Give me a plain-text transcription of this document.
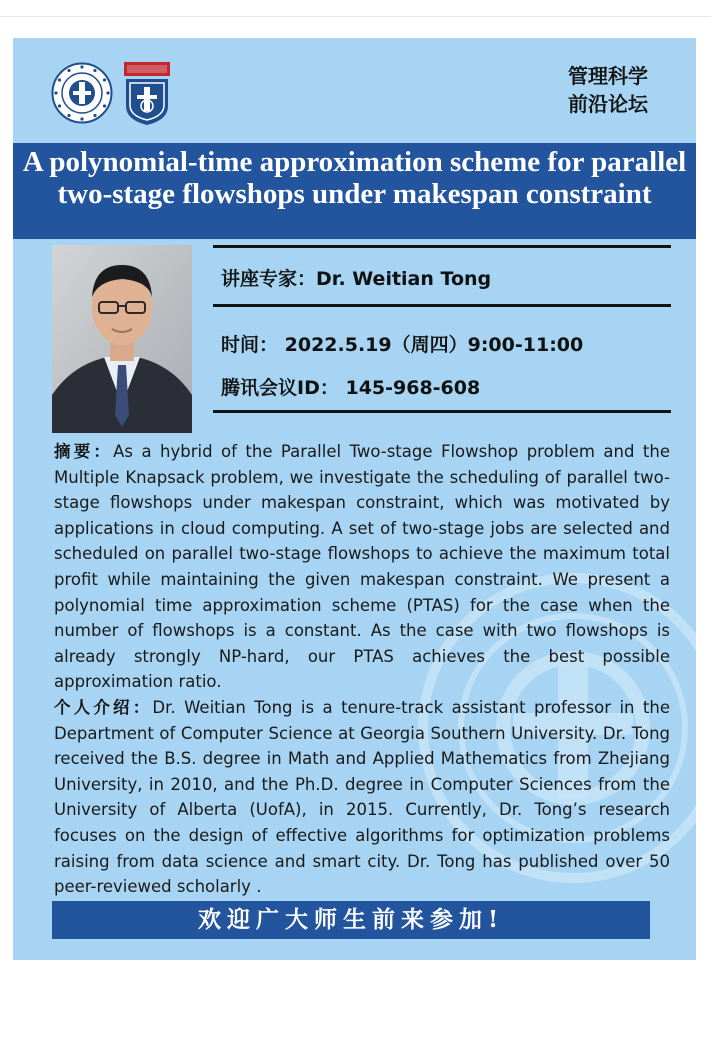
管理科学
前沿论坛
A polynomial-time approximation scheme for parallel two-stage flowshops under makespan constraint
讲座专家：Dr. Weitian Tong
时间： 2022.5.19（周四）9:00-11:00
腾讯会议ID： 145-968-608

摘要：As a hybrid of the Parallel Two-stage Flowshop problem and the Multiple Knapsack problem, we investigate the scheduling of parallel two-stage flowshops under makespan constraint, which was motivated by applications in cloud computing. A set of two-stage jobs are selected and scheduled on parallel two-stage flowshops to achieve the maximum total profit while maintaining the given makespan constraint. We present a polynomial time approximation scheme (PTAS) for the case when the number of flowshops is a constant. As the case with two flowshops is already strongly NP-hard, our PTAS achieves the best possible approximation ratio.

个人介绍：Dr. Weitian Tong is a tenure-track assistant professor in the Department of Computer Science at Georgia Southern University. Dr. Tong received the B.S. degree in Math and Applied Mathematics from Zhejiang University, in 2010, and the Ph.D. degree in Computer Sciences from the University of Alberta (UofA), in 2015. Currently, Dr. Tong’s research focuses on the design of effective algorithms for optimization problems raising from data science and smart city. Dr. Tong has published over 50 peer-reviewed scholarly .

欢迎广大师生前来参加!
